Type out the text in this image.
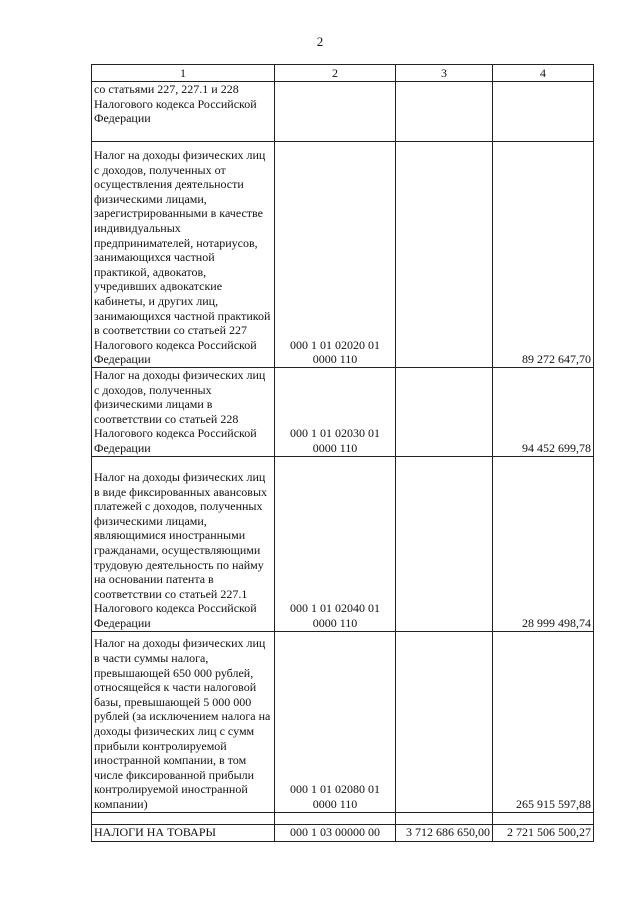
2
1	2	3	4
со статьями 227, 227.1 и 228 Налогового кодекса Российской Федерации			
Налог на доходы физических лиц с доходов, полученных от осуществления деятельности физическими лицами, зарегистрированными в качестве индивидуальных предпринимателей, нотариусов, занимающихся частной практикой, адвокатов, учредивших адвокатские кабинеты, и других лиц, занимающихся частной практикой в соответствии со статьей 227 Налогового кодекса Российской Федерации	000 1 01 02020 01 0000 110		89 272 647,70
Налог на доходы физических лиц с доходов, полученных физическими лицами в соответствии со статьей 228 Налогового кодекса Российской Федерации	000 1 01 02030 01 0000 110		94 452 699,78
Налог на доходы физических лиц в виде фиксированных авансовых платежей с доходов, полученных физическими лицами, являющимися иностранными гражданами, осуществляющими трудовую деятельность по найму на основании патента в соответствии со статьей 227.1 Налогового кодекса Российской Федерации	000 1 01 02040 01 0000 110		28 999 498,74
Налог на доходы физических лиц в части суммы налога, превышающей 650 000 рублей, относящейся к части налоговой базы, превышающей 5 000 000 рублей (за исключением налога на доходы физических лиц с сумм прибыли контролируемой иностранной компании, в том числе фиксированной прибыли контролируемой иностранной компании)	000 1 01 02080 01 0000 110		265 915 597,88

НАЛОГИ НА ТОВАРЫ	000 1 03 00000 00	3 712 686 650,00	2 721 506 500,27
